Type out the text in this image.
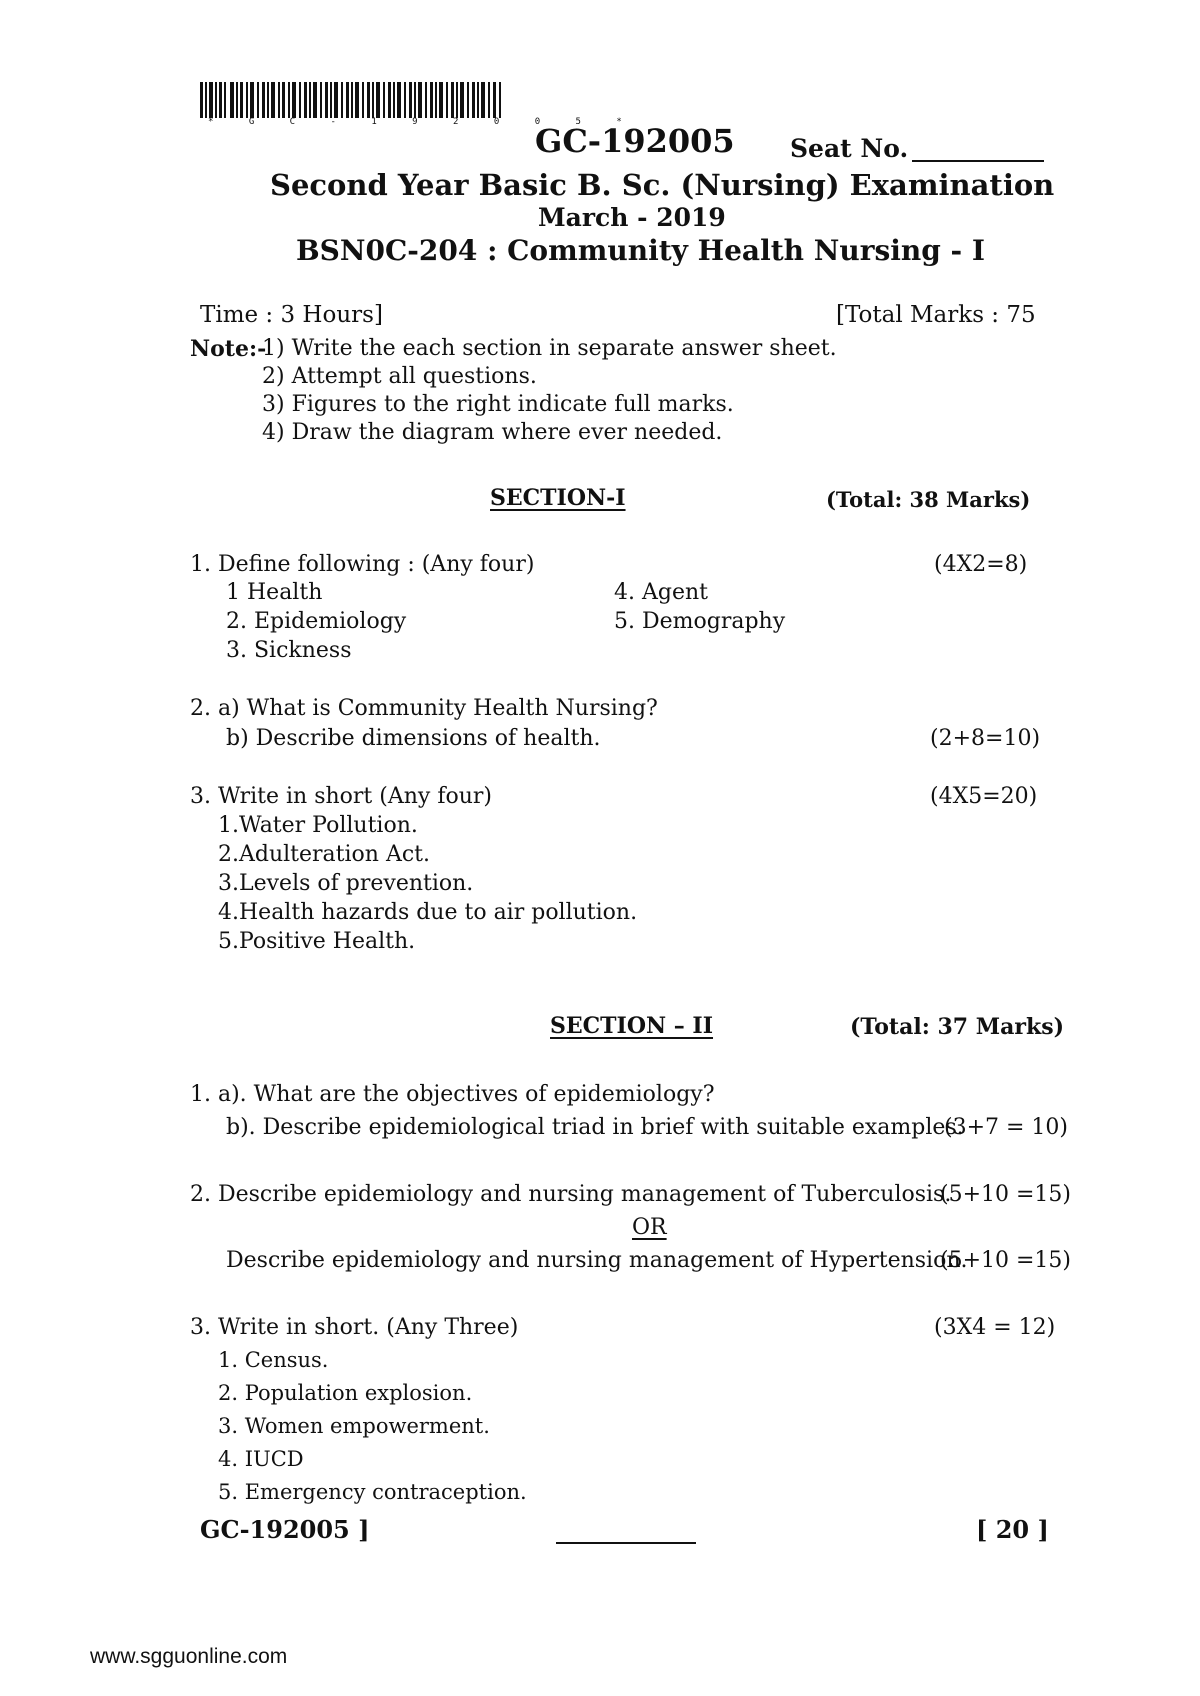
* G C - 1 9 2 0 0 5 *
GC-192005 Seat No.
Second Year Basic B. Sc. (Nursing) Examination
March - 2019
BSN0C-204 : Community Health Nursing - I
Time : 3 Hours]	[Total Marks : 75
Note:-
1) Write the each section in separate answer sheet.
2) Attempt all questions.
3) Figures to the right indicate full marks.
4) Draw the diagram where ever needed.
SECTION-I	(Total: 38 Marks)
1. Define following : (Any four)	(4X2=8)
1 Health
2. Epidemiology
3. Sickness
4. Agent
5. Demography
2. a) What is Community Health Nursing?
b) Describe dimensions of health.	(2+8=10)
3. Write in short (Any four)	(4X5=20)
1.Water Pollution.
2.Adulteration Act.
3.Levels of prevention.
4.Health hazards due to air pollution.
5.Positive Health.
SECTION – II	(Total: 37 Marks)
1. a). What are the objectives of epidemiology?
b). Describe epidemiological triad in brief with suitable examples.
(3+7 = 10)
2. Describe epidemiology and nursing management of Tuberculosis.
(5+10 =15)
OR
Describe epidemiology and nursing management of Hypertension.
(5+10 =15)
3. Write in short. (Any Three)	(3X4 = 12)
1. Census.
2. Population explosion.
3. Women empowerment.
4. IUCD
5. Emergency contraception.
GC-192005 ]	[ 20 ]
www.sgguonline.com
